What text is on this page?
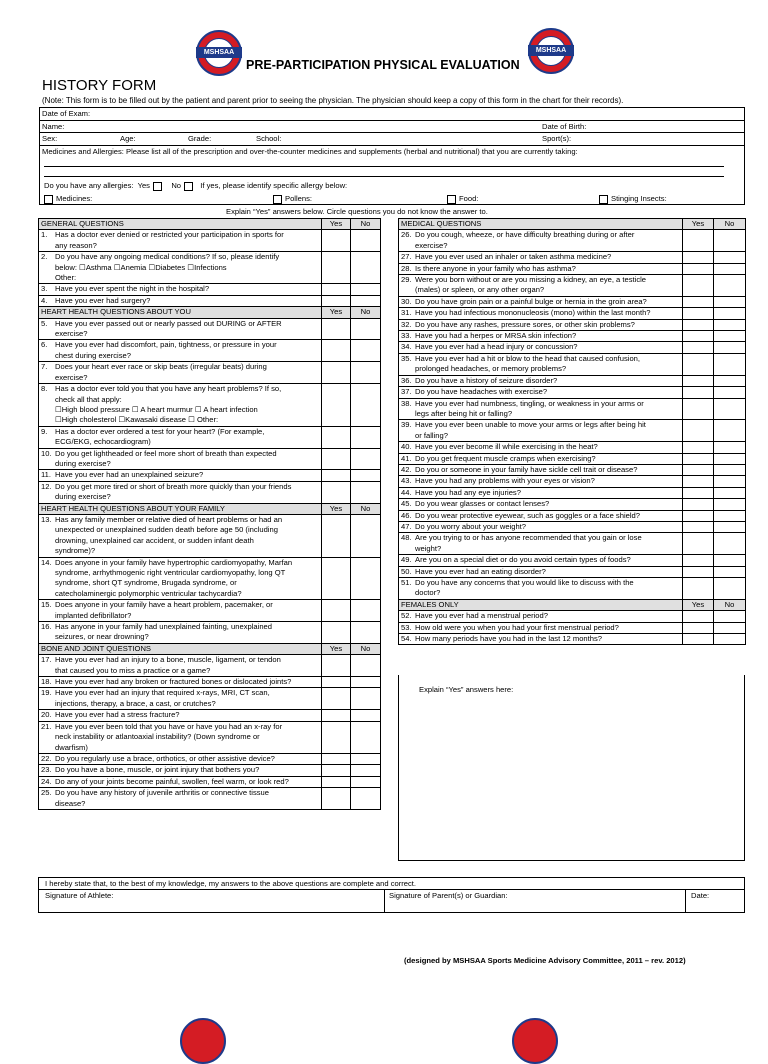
MSHSAA	MSHSAA
PRE-PARTICIPATION PHYSICAL EVALUATION
HISTORY FORM
(Note: This form is to be filled out by the patient and parent prior to seeing the physician. The physician should keep a copy of this form in the chart for their records).
Date of Exam:
Name:	Date of Birth:
Sex:	Age:	Grade:	School:	Sport(s):
Medicines and Allergies: Please list all of the prescription and over-the-counter medicines and supplements (herbal and nutritional) that you are currently taking:
Do you have any allergies: Yes	No	If yes, please identify specific allergy below:
Medicines:	Pollens:	Food:	Stinging Insects:
Explain “Yes” answers below. Circle questions you do not know the answer to.
GENERAL QUESTIONS	Yes	No
1. Has a doctor ever denied or restricted your participation in sports for
any reason?		

2. Do you have any ongoing medical conditions? If so, please identify
below: ☐Asthma ☐Anemia ☐Diabetes ☐Infections
Other:		

3. Have you ever spent the night in the hospital?		

4. Have you ever had surgery?		

HEART HEALTH QUESTIONS ABOUT YOU	Yes	No
5. Have you ever passed out or nearly passed out DURING or AFTER
exercise?		

6. Have you ever had discomfort, pain, tightness, or pressure in your
chest during exercise?		

7. Does your heart ever race or skip beats (irregular beats) during
exercise?		

8. Has a doctor ever told you that you have any heart problems? If so,
check all that apply:
☐High blood pressure ☐ A heart murmur ☐ A heart infection
☐High cholesterol ☐Kawasaki disease ☐ Other:		

9. Has a doctor ever ordered a test for your heart? (For example,
ECG/EKG, echocardiogram)		

10. Do you get lightheaded or feel more short of breath than expected
during exercise?		

11. Have you ever had an unexplained seizure?		

12. Do you get more tired or short of breath more quickly than your friends
during exercise?		

HEART HEALTH QUESTIONS ABOUT YOUR FAMILY	Yes	No
13. Has any family member or relative died of heart problems or had an
unexpected or unexplained sudden death before age 50 (including
drowning, unexplained car accident, or sudden infant death
syndrome)?		

14. Does anyone in your family have hypertrophic cardiomyopathy, Marfan
syndrome, arrhythmogenic right ventricular cardiomyopathy, long QT
syndrome, short QT syndrome, Brugada syndrome, or
catecholaminergic polymorphic ventricular tachycardia?		

15. Does anyone in your family have a heart problem, pacemaker, or
implanted defibrillator?		

16. Has anyone in your family had unexplained fainting, unexplained
seizures, or near drowning?		

BONE AND JOINT QUESTIONS	Yes	No
17. Have you ever had an injury to a bone, muscle, ligament, or tendon
that caused you to miss a practice or a game?		

18. Have you ever had any broken or fractured bones or dislocated joints?		

19. Have you ever had an injury that required x-rays, MRI, CT scan,
injections, therapy, a brace, a cast, or crutches?		

20. Have you ever had a stress fracture?		

21. Have you ever been told that you have or have you had an x-ray for
neck instability or atlantoaxial instability? (Down syndrome or
dwarfism)		

22. Do you regularly use a brace, orthotics, or other assistive device?		

23. Do you have a bone, muscle, or joint injury that bothers you?		

24. Do any of your joints become painful, swollen, feel warm, or look red?		

25. Do you have any history of juvenile arthritis or connective tissue
disease?		

MEDICAL QUESTIONS	Yes	No
26. Do you cough, wheeze, or have difficulty breathing during or after
exercise?		

27. Have you ever used an inhaler or taken asthma medicine?		

28. Is there anyone in your family who has asthma?		

29. Were you born without or are you missing a kidney, an eye, a testicle
(males) or spleen, or any other organ?		

30. Do you have groin pain or a painful bulge or hernia in the groin area?		

31. Have you had infectious mononucleosis (mono) within the last month?		

32. Do you have any rashes, pressure sores, or other skin problems?		

33. Have you had a herpes or MRSA skin infection?		

34. Have you ever had a head injury or concussion?		

35. Have you ever had a hit or blow to the head that caused confusion,
prolonged headaches, or memory problems?		

36. Do you have a history of seizure disorder?		

37. Do you have headaches with exercise?		

38. Have you ever had numbness, tingling, or weakness in your arms or
legs after being hit or falling?		

39. Have you ever been unable to move your arms or legs after being hit
or falling?		

40. Have you ever become ill while exercising in the heat?		

41. Do you get frequent muscle cramps when exercising?		

42. Do you or someone in your family have sickle cell trait or disease?		

43. Have you had any problems with your eyes or vision?		

44. Have you had any eye injuries?		

45. Do you wear glasses or contact lenses?		

46. Do you wear protective eyewear, such as goggles or a face shield?		

47. Do you worry about your weight?		

48. Are you trying to or has anyone recommended that you gain or lose
weight?		

49. Are you on a special diet or do you avoid certain types of foods?		

50. Have you ever had an eating disorder?		

51. Do you have any concerns that you would like to discuss with the
doctor?		

FEMALES ONLY	Yes	No
52. Have you ever had a menstrual period?		

53. How old were you when you had your first menstrual period?		

54. How many periods have you had in the last 12 months?		

Explain “Yes” answers here:
I hereby state that, to the best of my knowledge, my answers to the above questions are complete and correct.
Signature of Athlete:	Signature of Parent(s) or Guardian:	Date:
(designed by MSHSAA Sports Medicine Advisory Committee, 2011 – rev. 2012)
